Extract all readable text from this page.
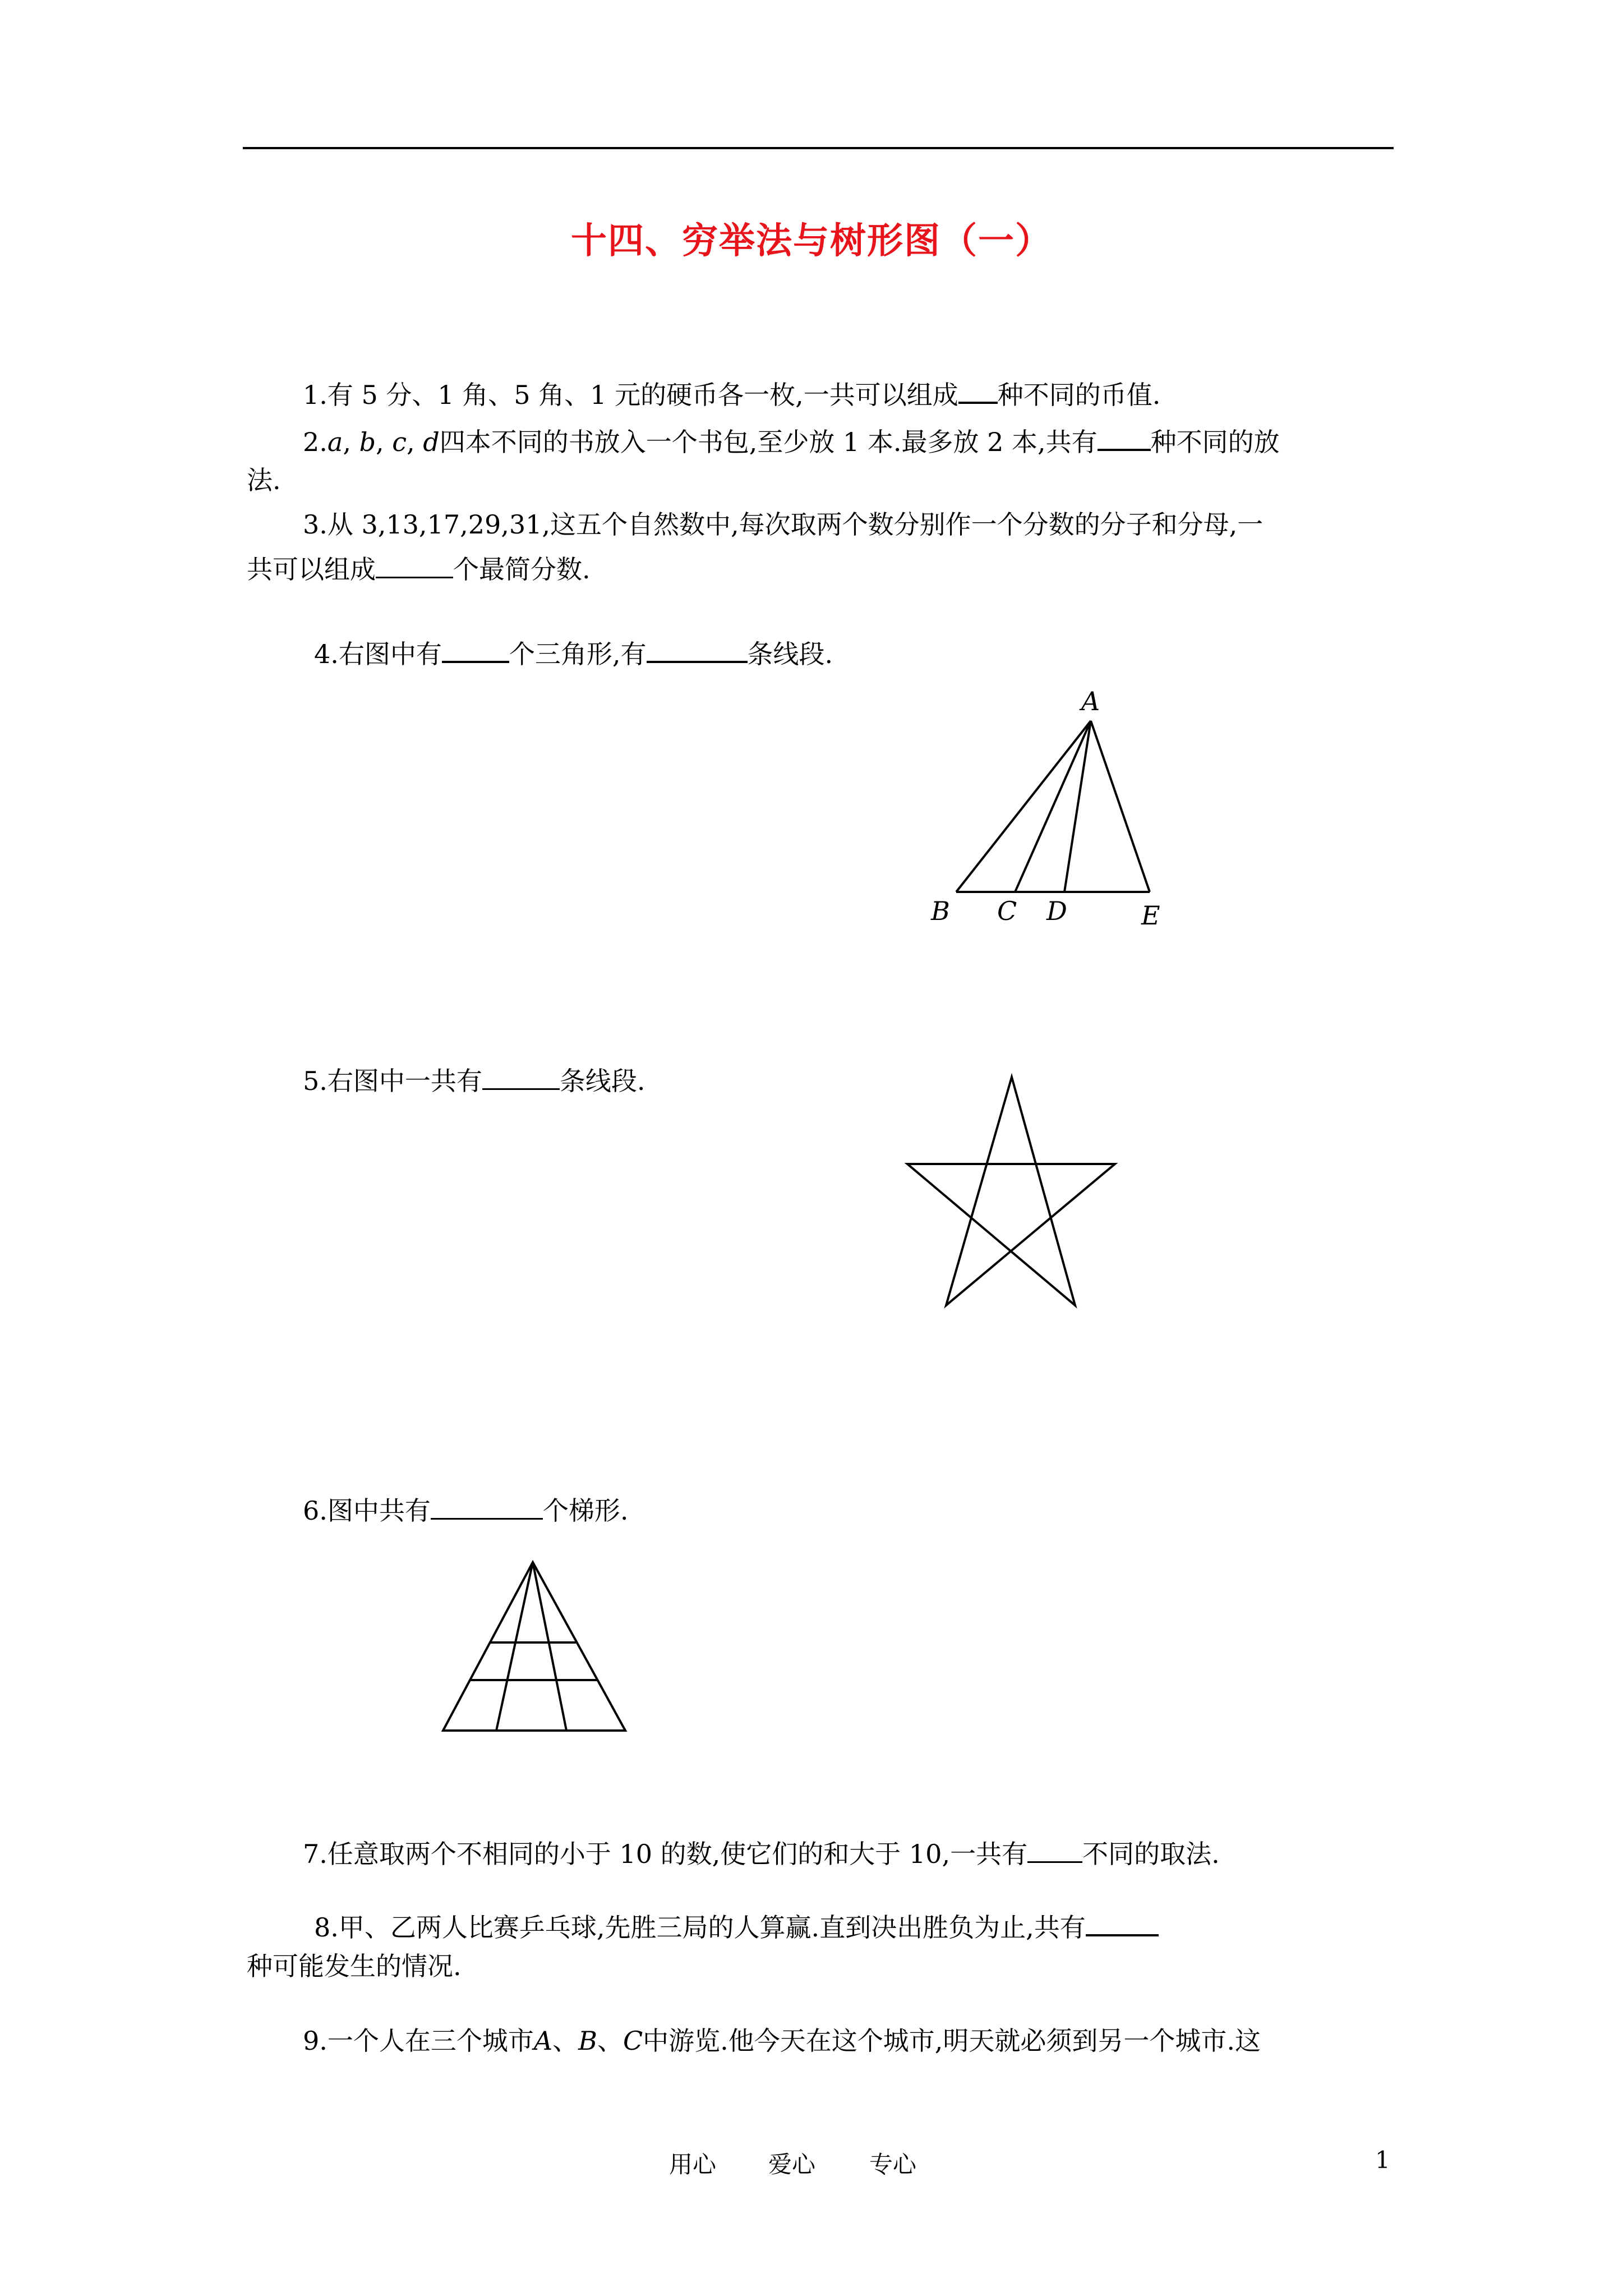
十四、穷举法与树形图（一）
1.有 5 分、1 角、5 角、1 元的硬币各一枚,一共可以组成 种不同的币值.
2.a, b, c, d四本不同的书放入一个书包,至少放 1 本.最多放 2 本,共有 种不同的放
法.
3.从 3,13,17,29,31,这五个自然数中,每次取两个数分别作一个分数的分子和分母,一
共可以组成	个最简分数.
4.右图中有	个三角形,有	条线段.
A
B C D	E
5.右图中一共有	条线段.
6.图中共有	个梯形.
7.任意取两个不相同的小于 10 的数,使它们的和大于 10,一共有 不同的取法.
8.甲、乙两人比赛乒乓球,先胜三局的人算赢.直到决出胜负为止,共有
种可能发生的情况.
9.一个人在三个城市A、B、C中游览.他今天在这个城市,明天就必须到另一个城市.这
用心 爱心 专心	1
